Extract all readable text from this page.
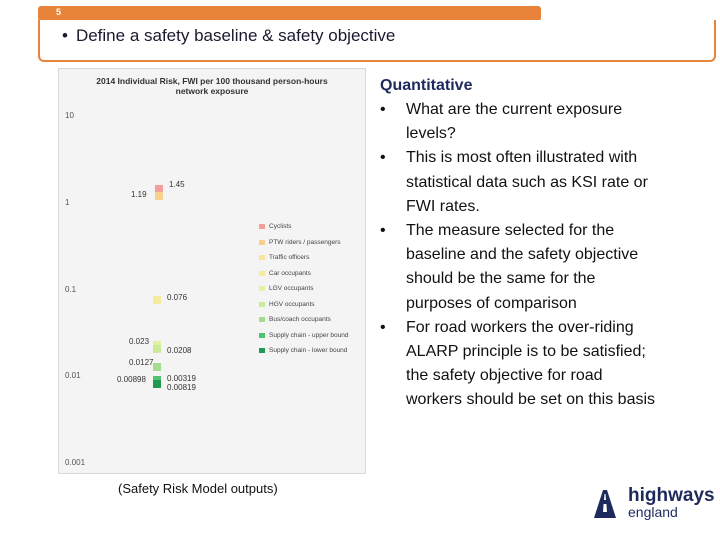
5
• Define a safety baseline & safety objective
2014 Individual Risk, FWI per 100 thousand person-hours
network exposure
Cyclists
PTW riders / passengers
Traffic officers
Car occupants
LGV occupants
HGV occupants
Bus/coach occupants
Supply chain - upper bound
Supply chain - lower bound
10
1
0.1
0.01
0.001
1.45
1.19
0.076
0.023
0.0208
0.0127
0.00898
0.00819
0.00319
(Safety Risk Model outputs)
Quantitative
• What are the current exposure levels?
• This is most often illustrated with statistical data such as KSI rate or FWI rates.
• The measure selected for the baseline and the safety objective should be the same for the purposes of comparison
• For road workers the over-riding ALARP principle is to be satisfied; the safety objective for road workers should be set on this basis
highways
england
